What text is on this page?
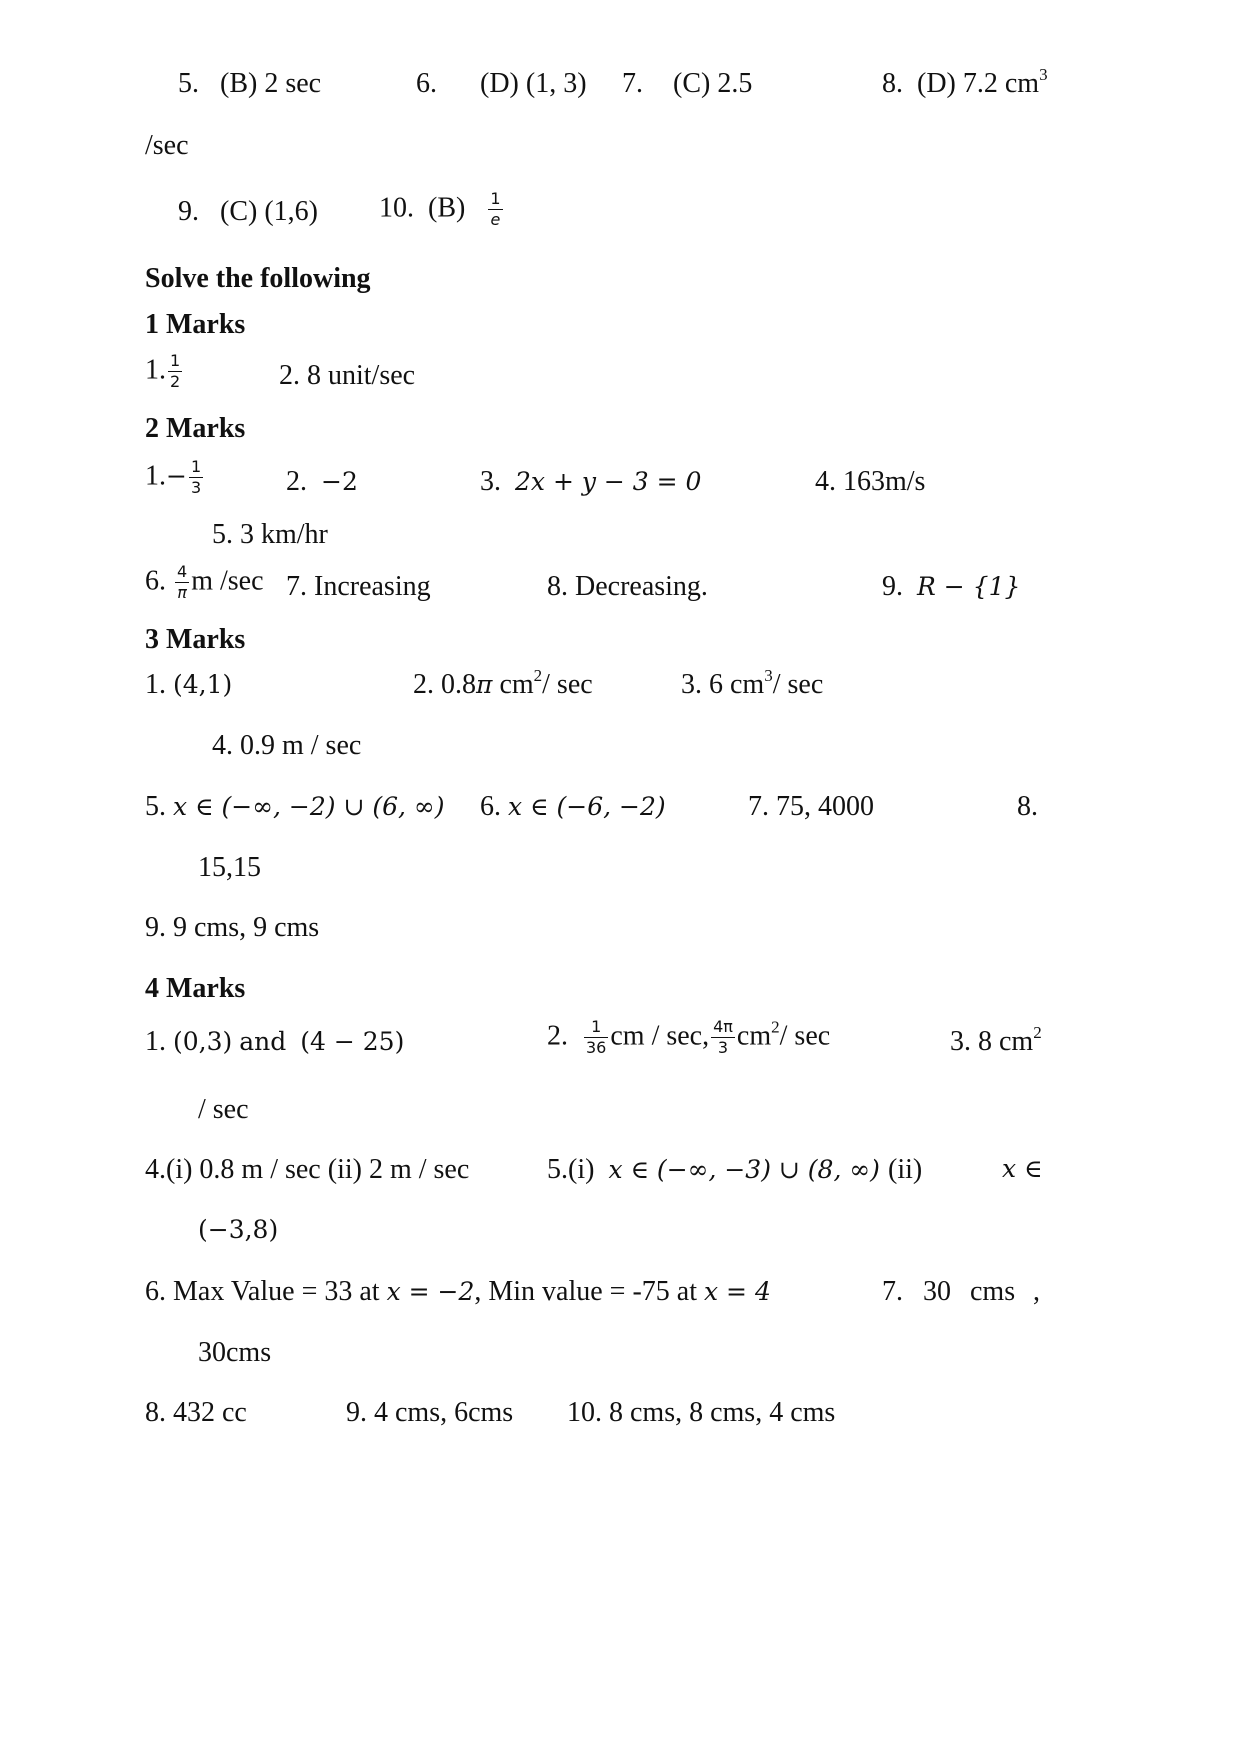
5. (B) 2 sec	6. (D) (1, 3) 7. (C) 2.5	8. (D) 7.2 $cm^3$
/sec
9. (C) (1,6) 10. $(B) \frac{1}{e}$
Solve the following
1 Marks
1. $\frac{1}{2}$	2. 8 unit/sec
2 Marks
$1.- \frac{1}{3}$	2. −2	3. 2x + y − 3 = 0	4. 163m/s
5. 3 km/hr
6. $\frac{4}{\pi}$ m /sec 7. Increasing	8. Decreasing.	9. R − {1}
3 Marks
1. (4,1)	2. 0.8π $cm^2/$ sec	3. 6 $cm^3/$ sec
4. 0.9 m / sec
5. x ∈ (−∞, −2) ∪ (6, ∞) 6. x ∈ (−6, −2)	7. 75, 4000	8.
15,15
9. 9 cms, 9 cms
4 Marks
1. (0,3) and (4 − 25)	2. $\frac{1}{36}$ cm / sec, $\frac{4\pi}{3} cm^2/$ sec	3. 8 $cm^2$
/ sec
4.(i) 0.8 m / sec (ii) 2 m / sec	5.(i) x ∈ (−∞, −3) ∪ (8, ∞) (ii)	x ∈
(−3,8)
6. Max Value = 33 at x = −2, Min value = -75 at x = 4	7. 30 cms ,
30cms
8. 432 cc	9. 4 cms, 6cms 10. 8 cms, 8 cms, 4 cms
